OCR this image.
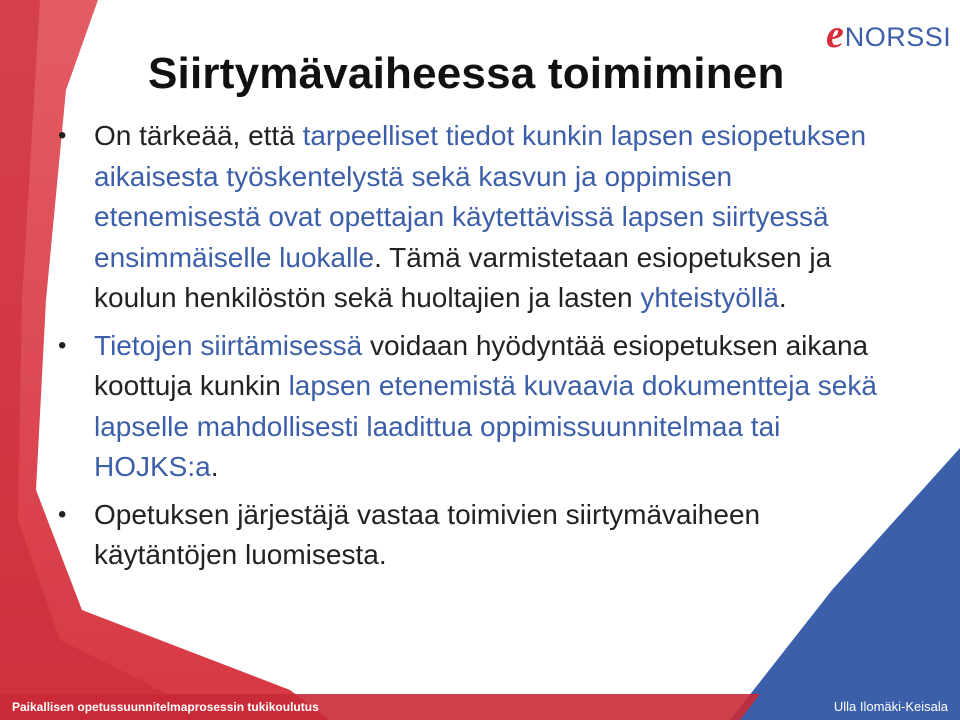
e NORSSI
Siirtymävaiheessa toimiminen
• On tärkeää, että tarpeelliset tiedot kunkin lapsen esiopetuksen aikaisesta työskentelystä sekä kasvun ja oppimisen etenemisestä ovat opettajan käytettävissä lapsen siirtyessä ensimmäiselle luokalle. Tämä varmistetaan esiopetuksen ja koulun henkilöstön sekä huoltajien ja lasten yhteistyöllä.
• Tietojen siirtämisessä voidaan hyödyntää esiopetuksen aikana koottuja kunkin lapsen etenemistä kuvaavia dokumentteja sekä lapselle mahdollisesti laadittua oppimissuunnitelmaa tai HOJKS:a.
• Opetuksen järjestäjä vastaa toimivien siirtymävaiheen käytäntöjen luomisesta.
Paikallisen opetussuunnitelmaprosessin tukikoulutus	Ulla Ilomäki-Keisala
